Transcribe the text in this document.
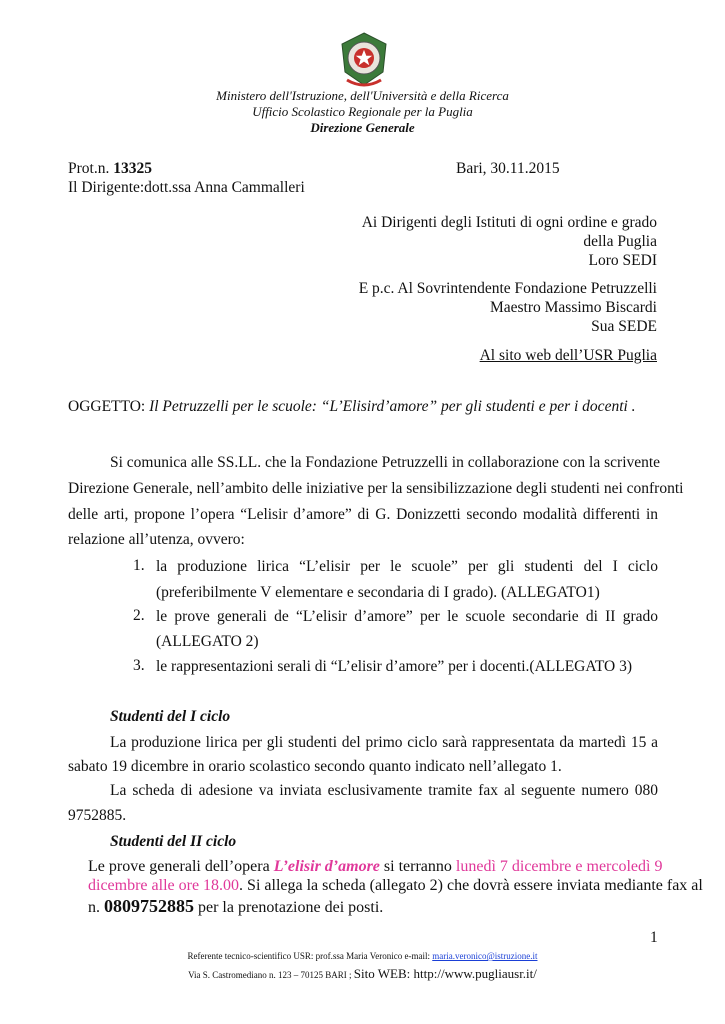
Ministero dell'Istruzione, dell'Università e della Ricerca
Ufficio Scolastico Regionale per la Puglia
Direzione Generale
Prot.n. 13325	Bari, 30.11.2015
Il Dirigente:dott.ssa Anna Cammalleri
Ai Dirigenti degli Istituti di ogni ordine e grado
della Puglia
Loro SEDI
E p.c. Al Sovrintendente Fondazione Petruzzelli
Maestro Massimo Biscardi
Sua SEDE
Al sito web dell’USR Puglia
OGGETTO: Il Petruzzelli per le scuole: “L’Elisird’amore” per gli studenti e per i docenti .
Si comunica alle SS.LL. che la Fondazione Petruzzelli in collaborazione con la scrivente
Direzione Generale, nell’ambito delle iniziative per la sensibilizzazione degli studenti nei confronti
delle arti, propone l’opera “Lelisir d’amore” di G. Donizzetti secondo modalità differenti in
relazione all’utenza, ovvero:
1. la produzione lirica “L’elisir per le scuole” per gli studenti del I ciclo
(preferibilmente V elementare e secondaria di I grado). (ALLEGATO1)
2. le prove generali de “L’elisir d’amore” per le scuole secondarie di II grado
(ALLEGATO 2)
3. le rappresentazioni serali di “L’elisir d’amore” per i docenti.(ALLEGATO 3)
Studenti del I ciclo
La produzione lirica per gli studenti del primo ciclo sarà rappresentata da martedì 15 a
sabato 19 dicembre in orario scolastico secondo quanto indicato nell’allegato 1.
La scheda di adesione va inviata esclusivamente tramite fax al seguente numero 080
9752885.
Studenti del II ciclo
Le prove generali dell’opera L’elisir d’amore si terranno lunedì 7 dicembre e mercoledì 9
dicembre alle ore 18.00. Si allega la scheda (allegato 2) che dovrà essere inviata mediante fax al
n. 0809752885 per la prenotazione dei posti.
1
Referente tecnico-scientifico USR: prof.ssa Maria Veronico e-mail: maria.veronico@istruzione.it
Via S. Castromediano n. 123 – 70125 BARI ; Sito WEB: http://www.pugliausr.it/
